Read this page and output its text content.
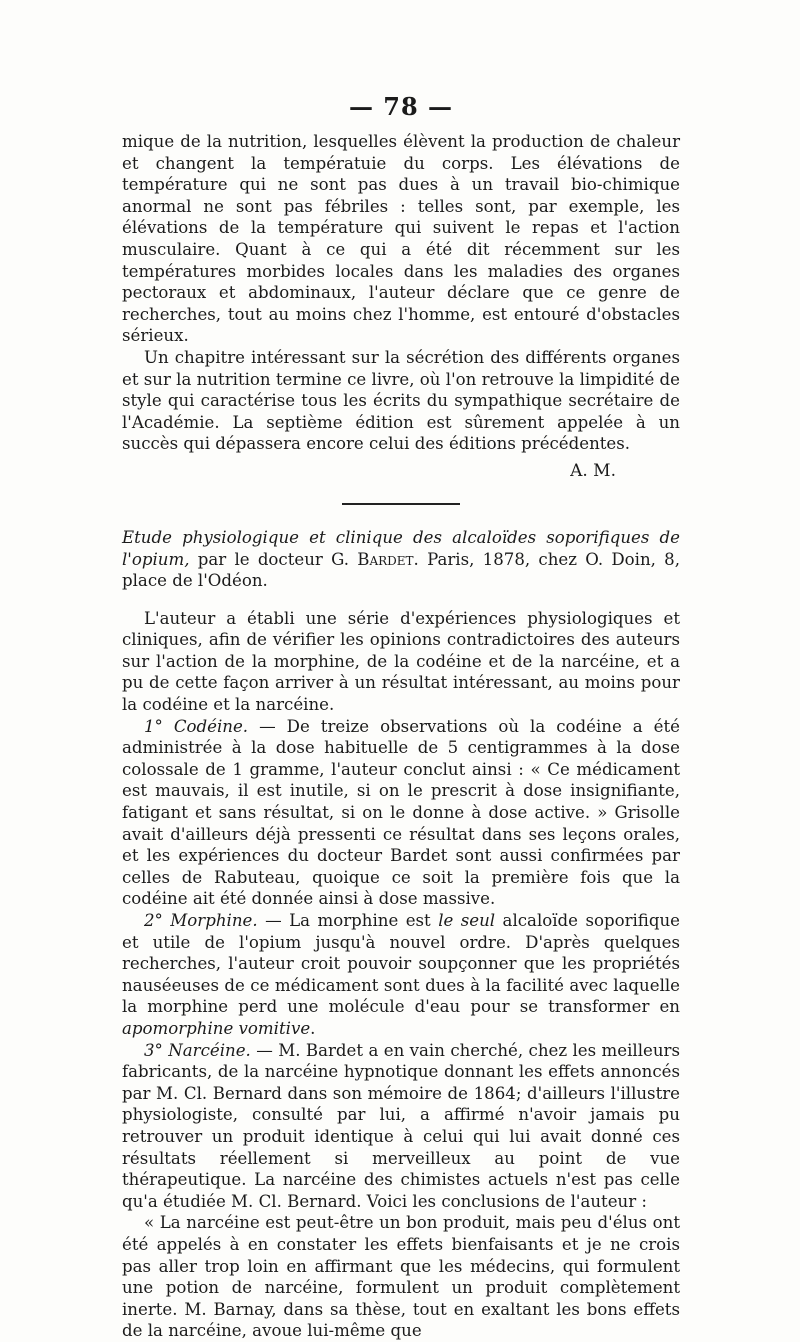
— 78 —

mique de la nutrition, lesquelles élèvent la production de chaleur et changent la températuie du corps. Les élévations de température qui ne sont pas dues à un travail bio-chimique anormal ne sont pas fébriles : telles sont, par exemple, les élévations de la température qui suivent le repas et l'action musculaire. Quant à ce qui a été dit récemment sur les températures morbides locales dans les maladies des organes pectoraux et abdominaux, l'auteur déclare que ce genre de recherches, tout au moins chez l'homme, est entouré d'obstacles sérieux.

Un chapitre intéressant sur la sécrétion des différents organes et sur la nutrition termine ce livre, où l'on retrouve la limpidité de style qui caractérise tous les écrits du sympathique secrétaire de l'Académie. La septième édition est sûrement appelée à un succès qui dépassera encore celui des éditions précédentes.

A. M.
Etude physiologique et clinique des alcaloïdes soporifiques de l'opium, par le docteur G. Bardet. Paris, 1878, chez O. Doin, 8, place de l'Odéon.

L'auteur a établi une série d'expériences physiologiques et cliniques, afin de vérifier les opinions contradictoires des auteurs sur l'action de la morphine, de la codéine et de la narcéine, et a pu de cette façon arriver à un résultat intéressant, au moins pour la codéine et la narcéine.

1° Codéine. — De treize observations où la codéine a été administrée à la dose habituelle de 5 centigrammes à la dose colossale de 1 gramme, l'auteur conclut ainsi : « Ce médicament est mauvais, il est inutile, si on le prescrit à dose insignifiante, fatigant et sans résultat, si on le donne à dose active. » Grisolle avait d'ailleurs déjà pressenti ce résultat dans ses leçons orales, et les expériences du docteur Bardet sont aussi confirmées par celles de Rabuteau, quoique ce soit la première fois que la codéine ait été donnée ainsi à dose massive.

2° Morphine. — La morphine est le seul alcaloïde soporifique et utile de l'opium jusqu'à nouvel ordre. D'après quelques recherches, l'auteur croit pouvoir soupçonner que les propriétés nauséeuses de ce médicament sont dues à la facilité avec laquelle la morphine perd une molécule d'eau pour se transformer en apomorphine vomitive.

3° Narcéine. — M. Bardet a en vain cherché, chez les meilleurs fabricants, de la narcéine hypnotique donnant les effets annoncés par M. Cl. Bernard dans son mémoire de 1864; d'ailleurs l'illustre physiologiste, consulté par lui, a affirmé n'avoir jamais pu retrouver un produit identique à celui qui lui avait donné ces résultats réellement si merveilleux au point de vue thérapeutique. La narcéine des chimistes actuels n'est pas celle qu'a étudiée M. Cl. Bernard. Voici les conclusions de l'auteur :

« La narcéine est peut-être un bon produit, mais peu d'élus ont été appelés à en constater les effets bienfaisants et je ne crois pas aller trop loin en affirmant que les médecins, qui formulent une potion de narcéine, formulent un produit complètement inerte. M. Barnay, dans sa thèse, tout en exaltant les bons effets de la narcéine, avoue lui-même que
